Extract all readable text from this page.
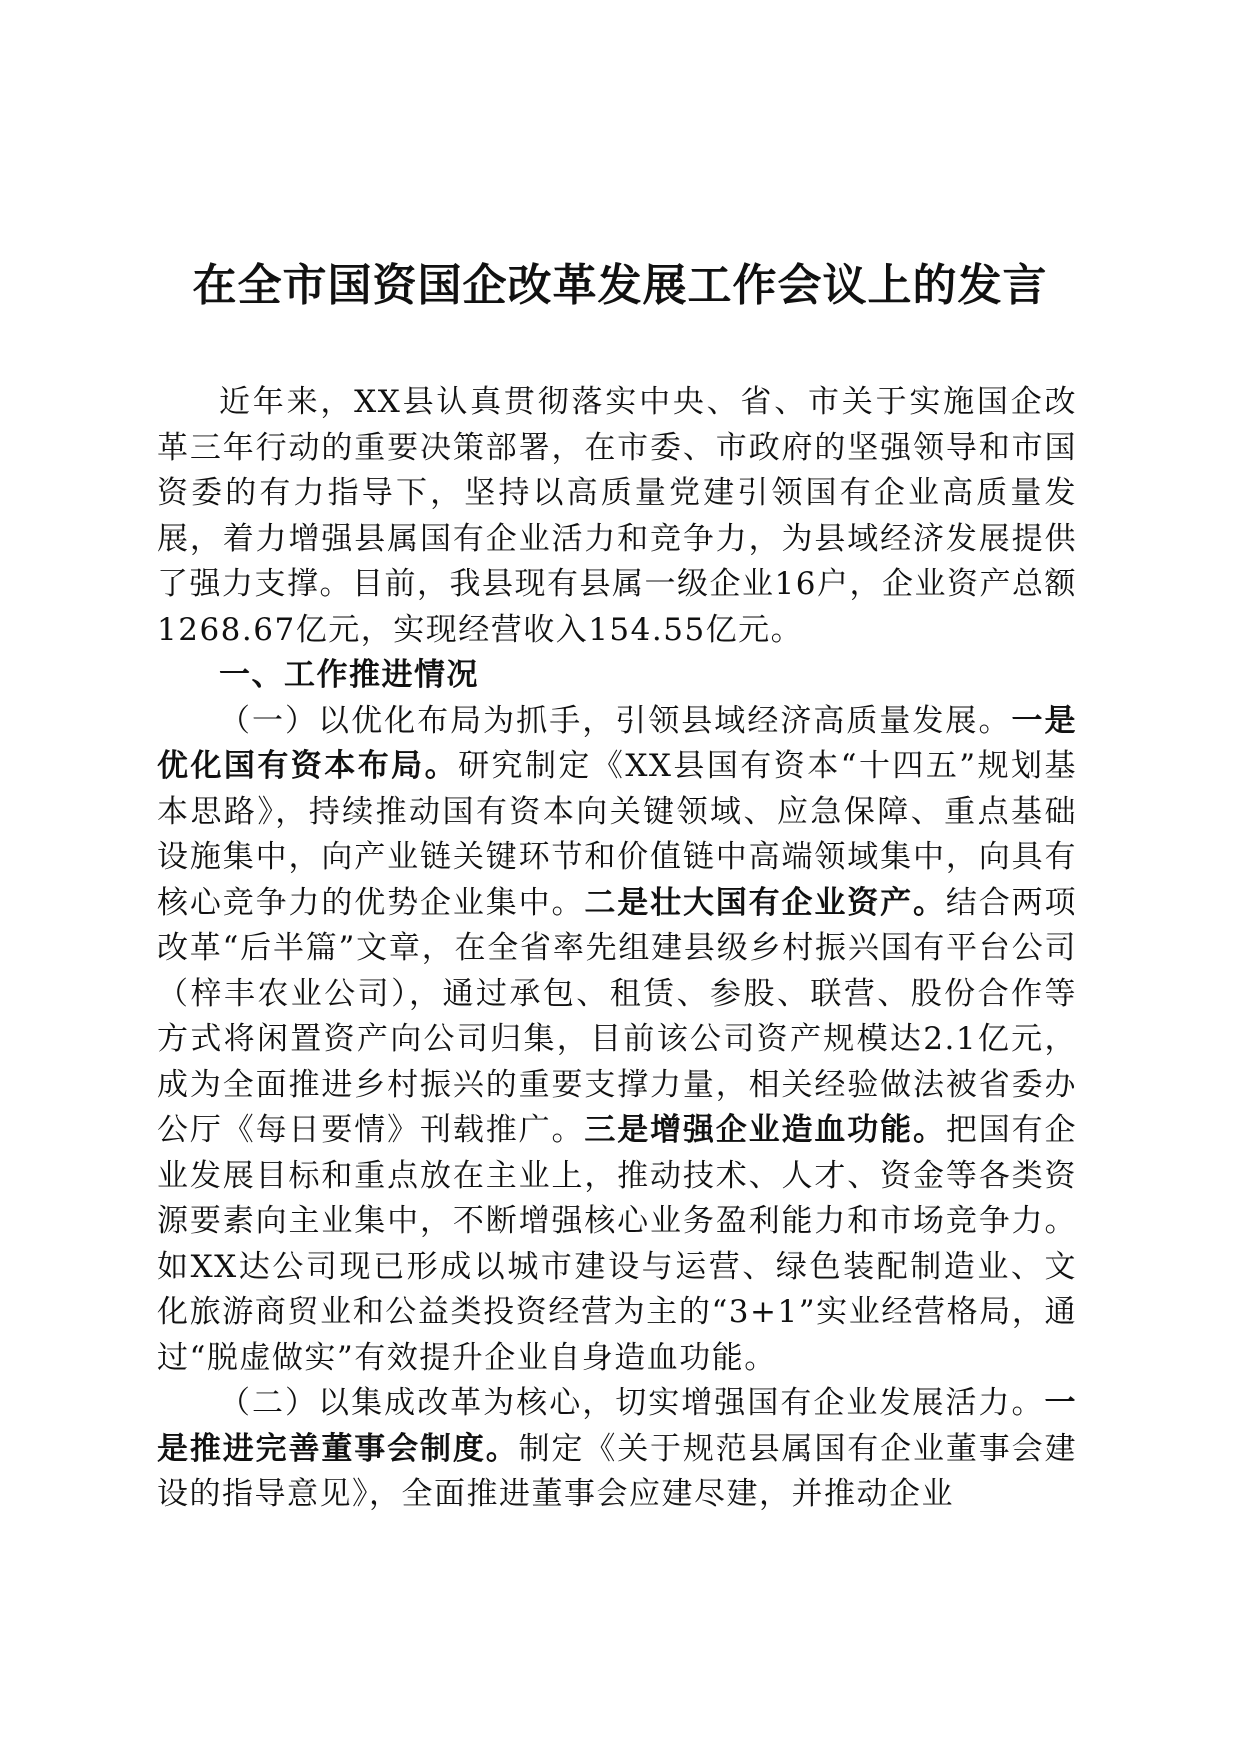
在全市国资国企改革发展工作会议上的发言

近年来，XX县认真贯彻落实中央、省、市关于实施国企改革三年行动的重要决策部署，在市委、市政府的坚强领导和市国资委的有力指导下，坚持以高质量党建引领国有企业高质量发展，着力增强县属国有企业活力和竞争力，为县域经济发展提供了强力支撑。目前，我县现有县属一级企业16户，企业资产总额1268.67亿元，实现经营收入154.55亿元。

一、工作推进情况

（一）以优化布局为抓手，引领县域经济高质量发展。一是优化国有资本布局。研究制定《XX县国有资本“十四五”规划基本思路》，持续推动国有资本向关键领域、应急保障、重点基础设施集中，向产业链关键环节和价值链中高端领域集中，向具有核心竞争力的优势企业集中。二是壮大国有企业资产。结合两项改革“后半篇”文章，在全省率先组建县级乡村振兴国有平台公司（梓丰农业公司），通过承包、租赁、参股、联营、股份合作等方式将闲置资产向公司归集，目前该公司资产规模达2.1亿元，成为全面推进乡村振兴的重要支撑力量，相关经验做法被省委办公厅《每日要情》刊载推广。三是增强企业造血功能。把国有企业发展目标和重点放在主业上，推动技术、人才、资金等各类资源要素向主业集中，不断增强核心业务盈利能力和市场竞争力。如XX达公司现已形成以城市建设与运营、绿色装配制造业、文化旅游商贸业和公益类投资经营为主的“3+1”实业经营格局，通过“脱虚做实”有效提升企业自身造血功能。

（二）以集成改革为核心，切实增强国有企业发展活力。一是推进完善董事会制度。制定《关于规范县属国有企业董事会建设的指导意见》，全面推进董事会应建尽建，并推动企业
